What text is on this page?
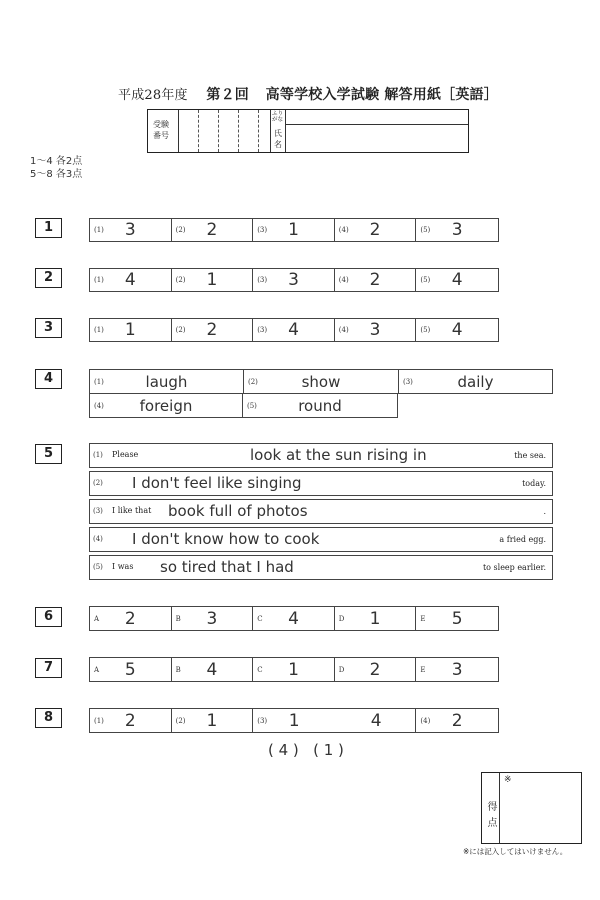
平成28年度 第２回 高等学校入学試験 解答用紙［英語］
受験
番号
ふり
がな
氏
名
1～4 各2点
5～8 各3点
1	(1)	3	(2)	2	(3)	1	(4)	2	(5)	3
2	(1)	4	(2)	1	(3)	3	(4)	2	(5)	4
3	(1)	1	(2)	2	(3)	4	(4)	3	(5)	4
4	(1)	laugh	(2)	show	(3)	daily
(4)	foreign	(5)	round
5	(1) Please	look at the sun rising in	the sea.
(2) I don't feel like singing	today.
(3) I like that book full of photos	.
(4) I don't know how to cook	a fried egg.
(5) I was so tired that I had	to sleep earlier.
6	A	2	B	3	C	4	D	1	E	5
7	A	5	B	4	C	1	D	2	E	3
8	(1)	2	(2)	1	(3)	1	4	(4)	2
( 4 )   ( 1 )
得点
※
※には記入してはいけません。
